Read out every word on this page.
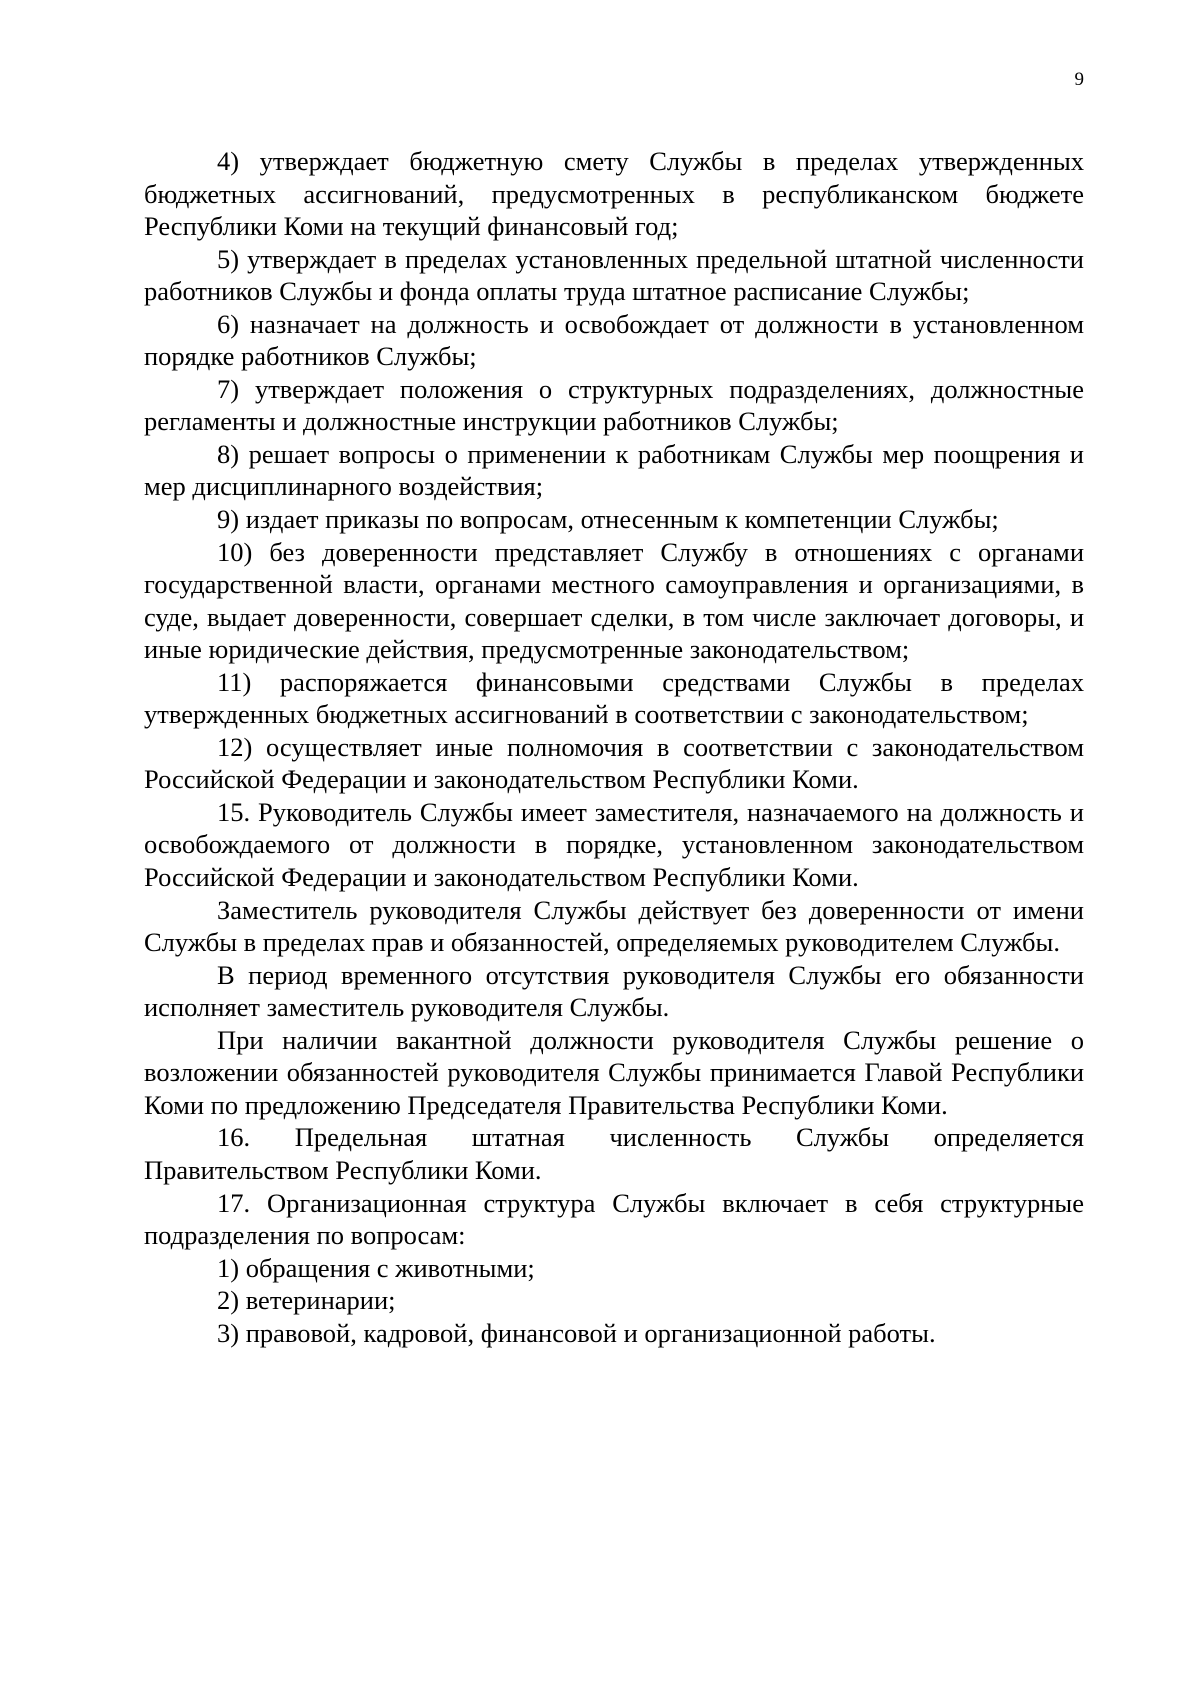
9

4) утверждает бюджетную смету Службы в пределах утвержденных бюджетных ассигнований, предусмотренных в республиканском бюджете Республики Коми на текущий финансовый год;

5) утверждает в пределах установленных предельной штатной численности работников Службы и фонда оплаты труда штатное расписание Службы;

6) назначает на должность и освобождает от должности в установленном порядке работников Службы;

7) утверждает положения о структурных подразделениях, должностные регламенты и должностные инструкции работников Службы;

8) решает вопросы о применении к работникам Службы мер поощрения и мер дисциплинарного воздействия;

9) издает приказы по вопросам, отнесенным к компетенции Службы;

10) без доверенности представляет Службу в отношениях с органами государственной власти, органами местного самоуправления и организациями, в суде, выдает доверенности, совершает сделки, в том числе заключает договоры, и иные юридические действия, предусмотренные законодательством;

11) распоряжается финансовыми средствами Службы в пределах утвержденных бюджетных ассигнований в соответствии с законодательством;

12) осуществляет иные полномочия в соответствии с законодательством Российской Федерации и законодательством Республики Коми.

15. Руководитель Службы имеет заместителя, назначаемого на должность и освобождаемого от должности в порядке, установленном законодательством Российской Федерации и законодательством Республики Коми.

Заместитель руководителя Службы действует без доверенности от имени Службы в пределах прав и обязанностей, определяемых руководителем Службы.

В период временного отсутствия руководителя Службы его обязанности исполняет заместитель руководителя Службы.

При наличии вакантной должности руководителя Службы решение о возложении обязанностей руководителя Службы принимается Главой Республики Коми по предложению Председателя Правительства Республики Коми.

16. Предельная штатная численность Службы определяется Правительством Республики Коми.

17. Организационная структура Службы включает в себя структурные подразделения по вопросам:

1) обращения с животными;

2) ветеринарии;

3) правовой, кадровой, финансовой и организационной работы.
